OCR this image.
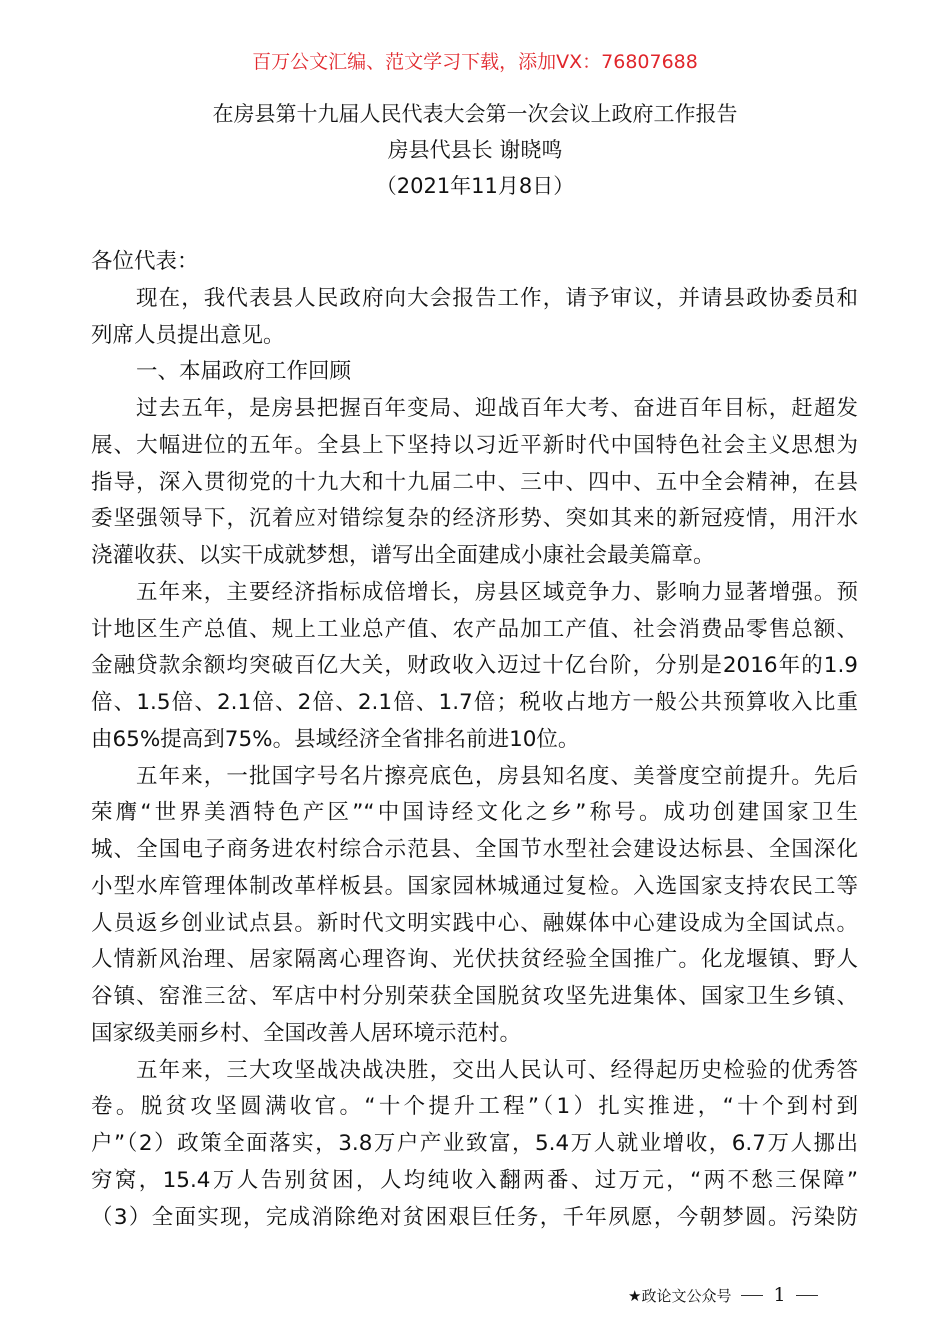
百万公文汇编、范文学习下载，添加VX：76807688
在房县第十九届人民代表大会第一次会议上政府工作报告
房县代县长 谢晓鸣
（2021年11月8日）
各位代表：
现在，我代表县人民政府向大会报告工作，请予审议，并请县政协委员和
列席人员提出意见。
一、本届政府工作回顾
过去五年，是房县把握百年变局、迎战百年大考、奋进百年目标，赶超发
展、大幅进位的五年。全县上下坚持以习近平新时代中国特色社会主义思想为
指导，深入贯彻党的十九大和十九届二中、三中、四中、五中全会精神，在县
委坚强领导下，沉着应对错综复杂的经济形势、突如其来的新冠疫情，用汗水
浇灌收获、以实干成就梦想，谱写出全面建成小康社会最美篇章。
五年来，主要经济指标成倍增长，房县区域竞争力、影响力显著增强。预
计地区生产总值、规上工业总产值、农产品加工产值、社会消费品零售总额、
金融贷款余额均突破百亿大关，财政收入迈过十亿台阶，分别是2016年的1.9
倍、1.5倍、2.1倍、2倍、2.1倍、1.7倍；税收占地方一般公共预算收入比重
由65%提高到75%。县域经济全省排名前进10位。
五年来，一批国字号名片擦亮底色，房县知名度、美誉度空前提升。先后
荣膺“世界美酒特色产区”“中国诗经文化之乡”称号。成功创建国家卫生
城、全国电子商务进农村综合示范县、全国节水型社会建设达标县、全国深化
小型水库管理体制改革样板县。国家园林城通过复检。入选国家支持农民工等
人员返乡创业试点县。新时代文明实践中心、融媒体中心建设成为全国试点。
人情新风治理、居家隔离心理咨询、光伏扶贫经验全国推广。化龙堰镇、野人
谷镇、窑淮三岔、军店中村分别荣获全国脱贫攻坚先进集体、国家卫生乡镇、
国家级美丽乡村、全国改善人居环境示范村。
五年来，三大攻坚战决战决胜，交出人民认可、经得起历史检验的优秀答
卷。脱贫攻坚圆满收官。“十个提升工程”（1）扎实推进，“十个到村到
户”（2）政策全面落实，3.8万户产业致富，5.4万人就业增收，6.7万人挪出
穷窝，15.4万人告别贫困，人均纯收入翻两番、过万元，“两不愁三保障”
（3）全面实现，完成消除绝对贫困艰巨任务，千年夙愿，今朝梦圆。污染防
★政论文公众号 1
